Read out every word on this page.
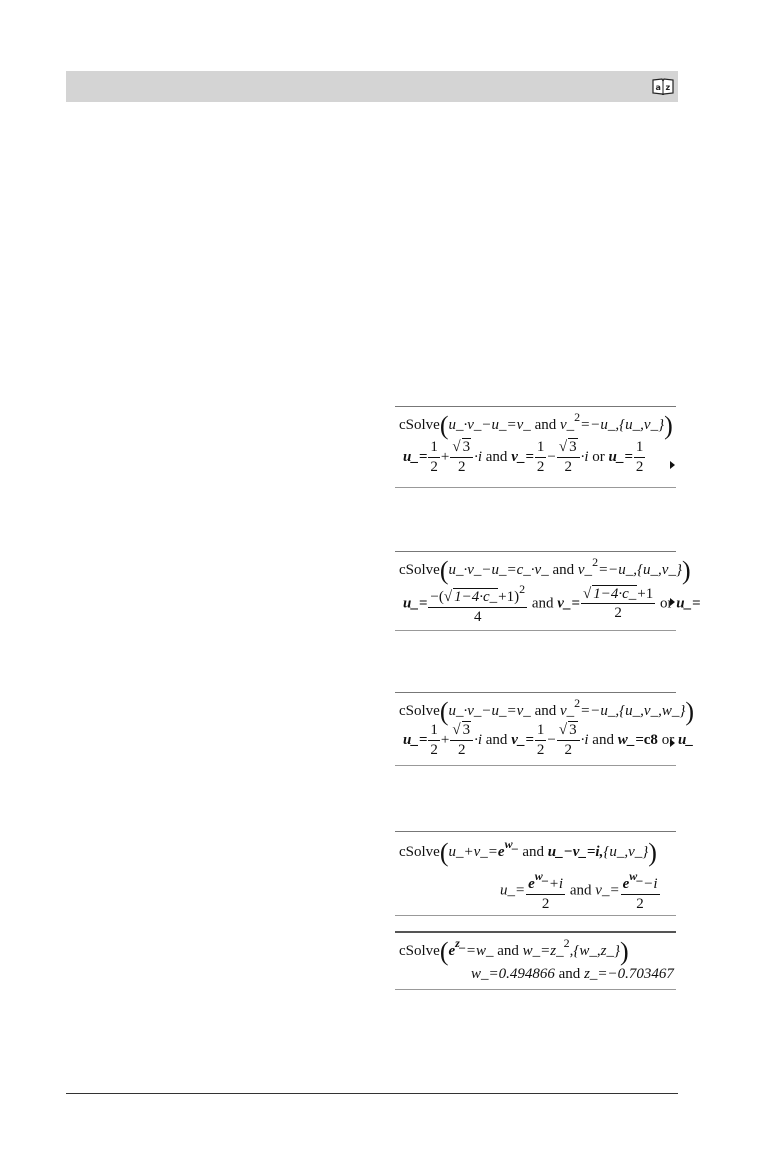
a z
cSolve(u_·v_−u_=v_ and v_$^2$=−u_,{u_,v_})
u_= $\frac{1}{2} + \frac{√ 3}{2} \cdot i$ and v_= $\frac{1}{2} - \frac{√ 3}{2} \cdot i$ or u_= $\frac{1}{2}$
cSolve(u_·v_−u_=c_·v_ and v_$^2$=−u_,{u_,v_})
u_= $\frac{-(√ 1-4\cdot c\_+1)^2}{4}$ and v_= $\frac{√ 1-4\cdot c\_+1}{2}$ or u_=
cSolve(u_·v_−u_=v_ and v_$^2$=−u_,{u_,v_,w_})
u_= $\frac{1}{2} + \frac{√ 3}{2} \cdot i$ and v_= $\frac{1}{2} - \frac{√ 3}{2} \cdot i$ and w_=c8 or u_
$cSolve(u\_+v\_=e^{w\_}$ and u_−v_=i,{u_,v_})
u_= $\frac{e^{w\_}+i}{2}$ and v_= $\frac{e^{w\_}-i}{2}$
$cSolve(e^{z\_}=w\_$ and w_=z_$^2$,{w_,z_})
w_=0.494866 and z_=−0.703467
